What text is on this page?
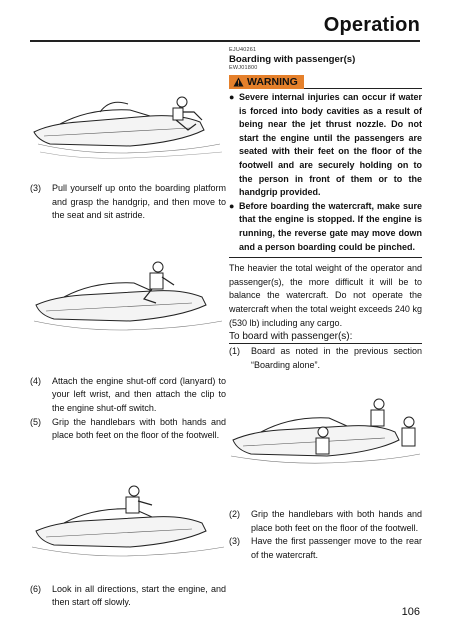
Operation
(3) Pull yourself up onto the boarding platform and grasp the handgrip, and then move to the seat and sit astride.
(4) Attach the engine shut-off cord (lanyard) to your left wrist, and then attach the clip to the engine shut-off switch.
(5) Grip the handlebars with both hands and place both feet on the floor of the footwell.
(6) Look in all directions, start the engine, and then start off slowly.
EJU40261
Boarding with passenger(s)
EWJ01800
WARNING
● Severe internal injuries can occur if water is forced into body cavities as a result of being near the jet thrust nozzle. Do not start the engine until the passengers are seated with their feet on the floor of the footwell and are securely holding on to the person in front of them or to the handgrip provided.
● Before boarding the watercraft, make sure that the engine is stopped. If the engine is running, the reverse gate may move down and a person boarding could be pinched.
The heavier the total weight of the operator and passenger(s), the more difficult it will be to balance the watercraft. Do not operate the watercraft when the total weight exceeds 240 kg (530 lb) including any cargo.
To board with passenger(s):
(1) Board as noted in the previous section “Boarding alone”.
(2) Grip the handlebars with both hands and place both feet on the floor of the footwell.
(3) Have the first passenger move to the rear of the watercraft.
106
